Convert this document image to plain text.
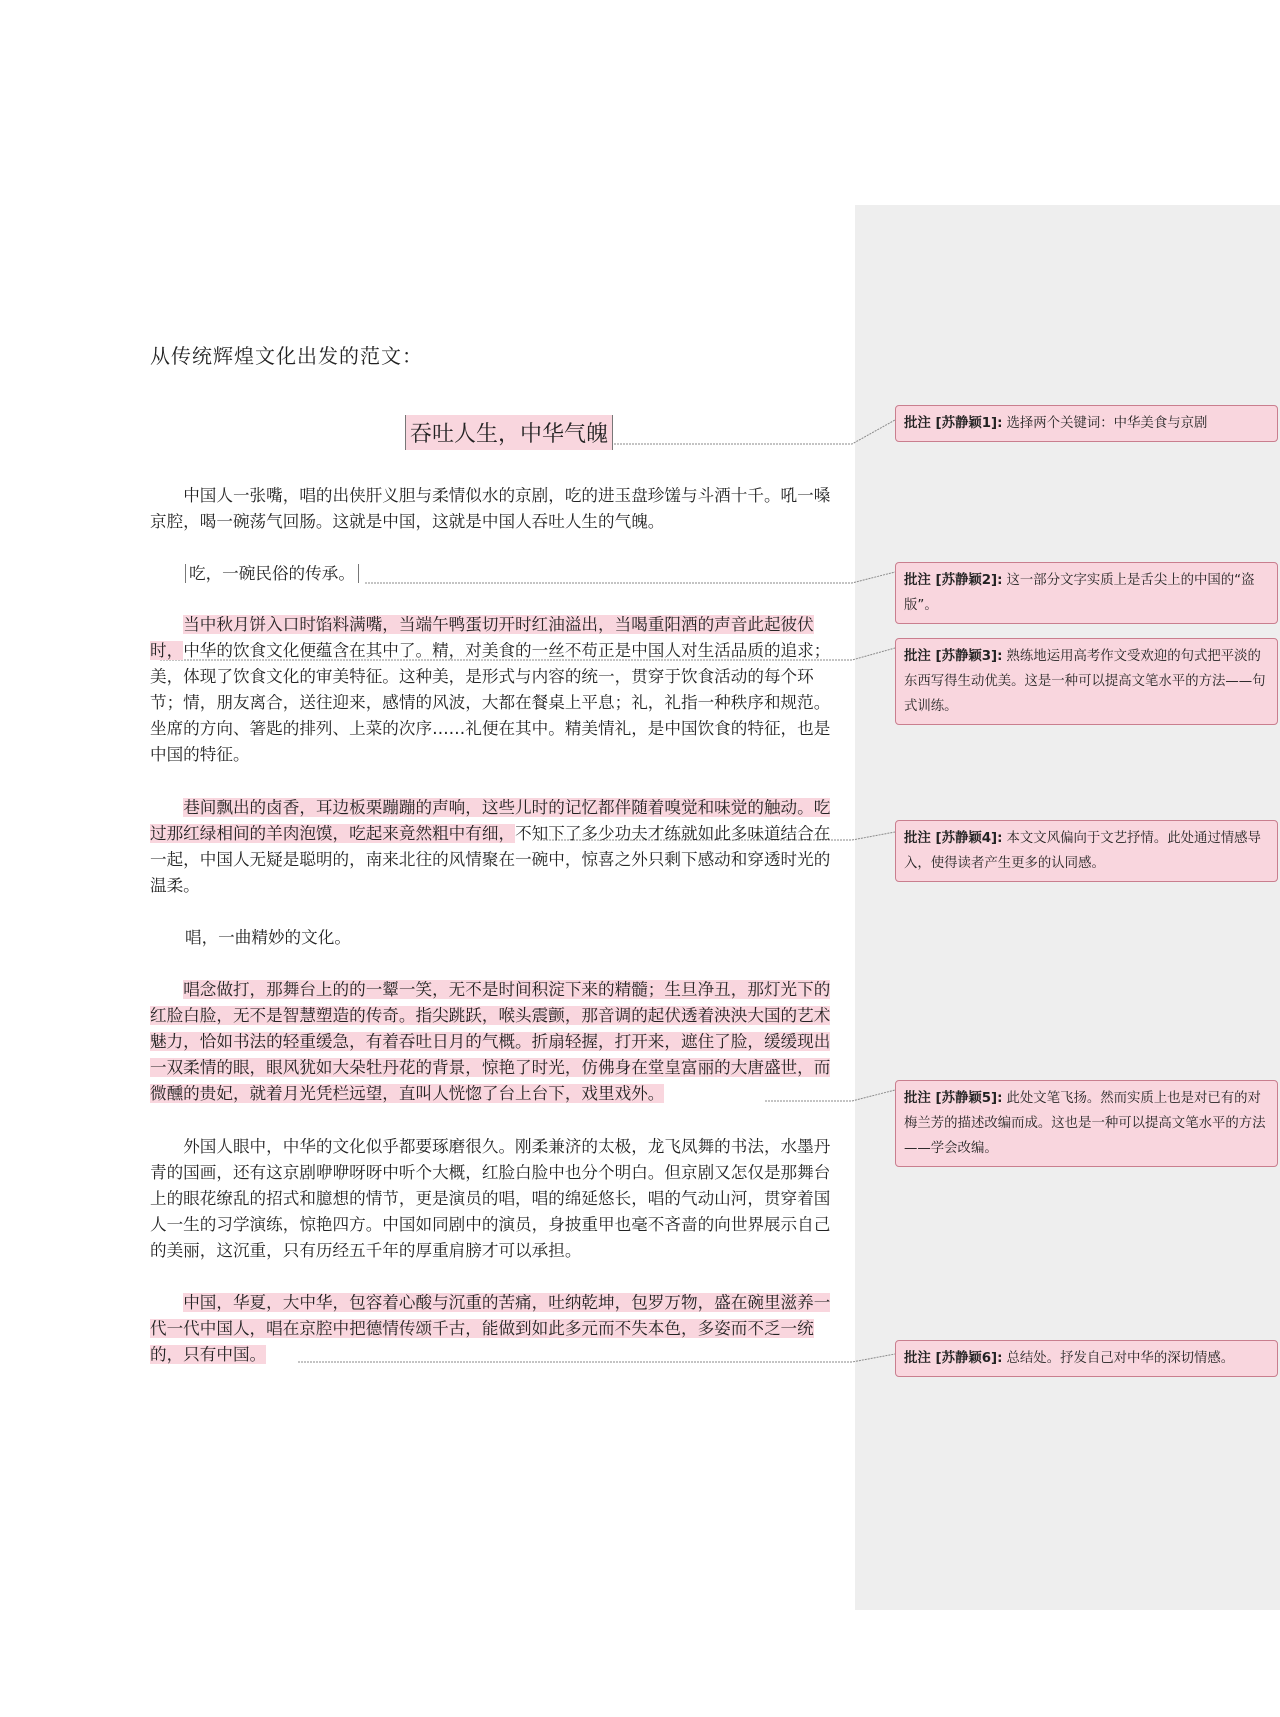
从传统辉煌文化出发的范文：
吞吐人生，中华气魄

中国人一张嘴，唱的出侠肝义胆与柔情似水的京剧，吃的进玉盘珍馐与斗酒十千。吼一嗓京腔，喝一碗荡气回肠。这就是中国，这就是中国人吞吐人生的气魄。

吃，一碗民俗的传承。

当中秋月饼入口时馅料满嘴，当端午鸭蛋切开时红油溢出，当喝重阳酒的声音此起彼伏时，中华的饮食文化便蕴含在其中了。精，对美食的一丝不苟正是中国人对生活品质的追求；美，体现了饮食文化的审美特征。这种美，是形式与内容的统一，贯穿于饮食活动的每个环节；情，朋友离合，送往迎来，感情的风波，大都在餐桌上平息；礼，礼指一种秩序和规范。坐席的方向、箸匙的排列、上菜的次序……礼便在其中。精美情礼，是中国饮食的特征，也是中国的特征。

巷间飘出的卤香，耳边板栗蹦蹦的声响，这些儿时的记忆都伴随着嗅觉和味觉的触动。吃过那红绿相间的羊肉泡馍，吃起来竟然粗中有细，不知下了多少功夫才练就如此多味道结合在一起，中国人无疑是聪明的，南来北往的风情聚在一碗中，惊喜之外只剩下感动和穿透时光的温柔。

唱，一曲精妙的文化。

唱念做打，那舞台上的的一颦一笑，无不是时间积淀下来的精髓；生旦净丑，那灯光下的红脸白脸，无不是智慧塑造的传奇。指尖跳跃，喉头震颤，那音调的起伏透着泱泱大国的艺术魅力，恰如书法的轻重缓急，有着吞吐日月的气概。折扇轻握，打开来，遮住了脸，缓缓现出一双柔情的眼，眼风犹如大朵牡丹花的背景，惊艳了时光，仿佛身在堂皇富丽的大唐盛世，而微醺的贵妃，就着月光凭栏远望，直叫人恍惚了台上台下，戏里戏外。

外国人眼中，中华的文化似乎都要琢磨很久。刚柔兼济的太极，龙飞凤舞的书法，水墨丹青的国画，还有这京剧咿咿呀呀中听个大概，红脸白脸中也分个明白。但京剧又怎仅是那舞台上的眼花缭乱的招式和臆想的情节，更是演员的唱，唱的绵延悠长，唱的气动山河，贯穿着国人一生的习学演练，惊艳四方。中国如同剧中的演员，身披重甲也毫不吝啬的向世界展示自己的美丽，这沉重，只有历经五千年的厚重肩膀才可以承担。

中国，华夏，大中华，包容着心酸与沉重的苦痛，吐纳乾坤，包罗万物，盛在碗里滋养一代一代中国人，唱在京腔中把德情传颂千古，能做到如此多元而不失本色，多姿而不乏一统的，只有中国。

批注 [苏静颖1]: 选择两个关键词：中华美食与京剧
批注 [苏静颖2]: 这一部分文字实质上是舌尖上的中国的“盗版”。
批注 [苏静颖3]: 熟练地运用高考作文受欢迎的句式把平淡的东西写得生动优美。这是一种可以提高文笔水平的方法——句式训练。
批注 [苏静颖4]: 本文文风偏向于文艺抒情。此处通过情感导入，使得读者产生更多的认同感。
批注 [苏静颖5]: 此处文笔飞扬。然而实质上也是对已有的对梅兰芳的描述改编而成。这也是一种可以提高文笔水平的方法——学会改编。
批注 [苏静颖6]: 总结处。抒发自己对中华的深切情感。
